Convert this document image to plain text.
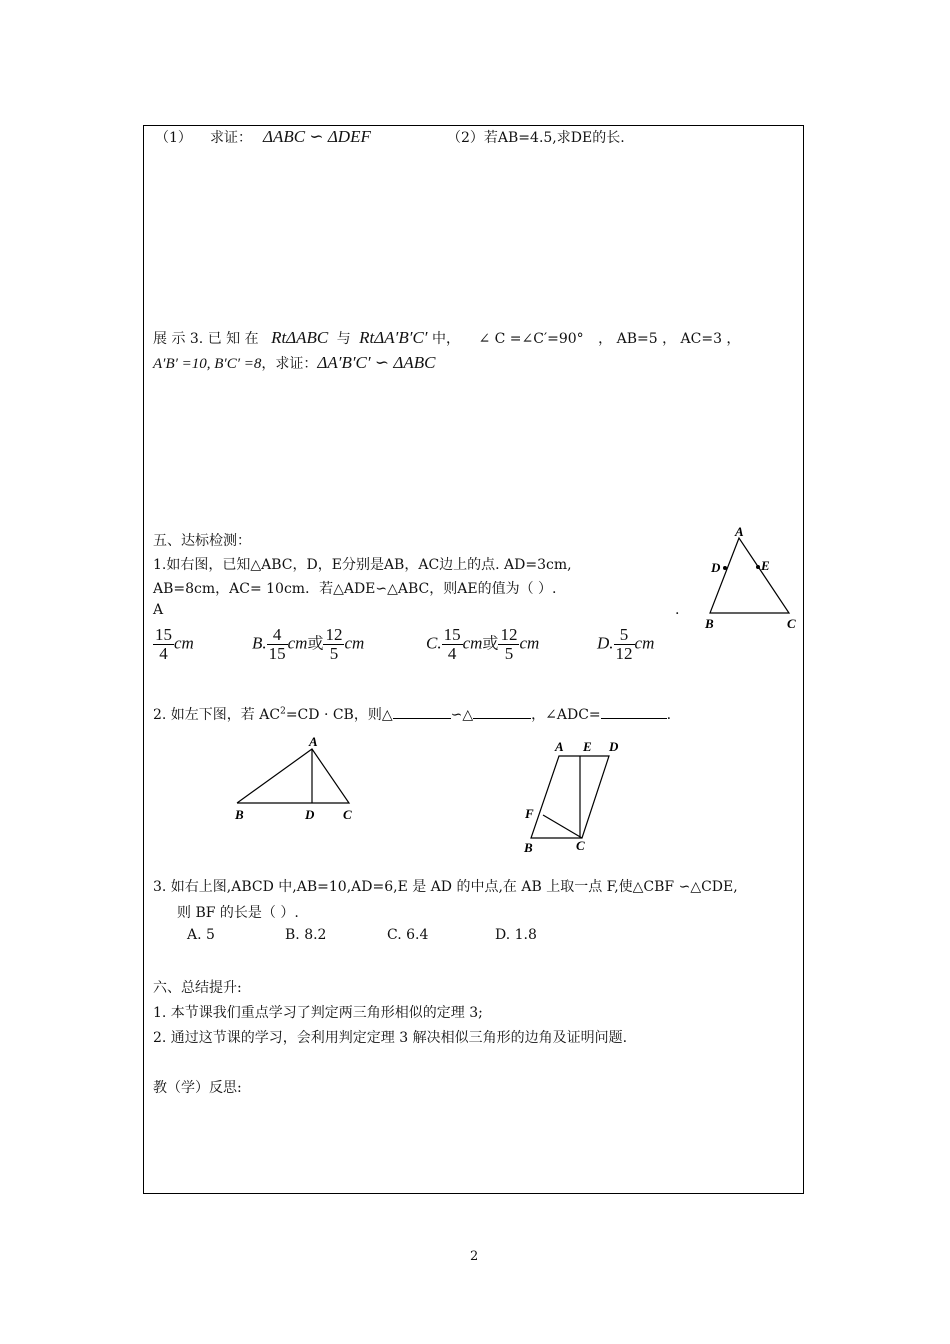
（1） 求证： ΔABC ∽ ΔDEF	（2）若AB=4.5,求DE的长.
展 示 3. 已 知 在 RtΔABC 与 RtΔA′B′C′ 中， ∠ C =∠C′=90° ， AB=5 ， AC=3 ，
A′B′ =10, B′C′ =8，求证：ΔA′B′C′ ∽ ΔABC
五、达标检测：
1.如右图，已知△ABC，D，E分别是AB，AC边上的点. AD=3cm,
AB=8cm，AC= 10cm．若△ADE∽△ABC，则AE的值为（ ）.
A	.
A
D	E
B	C
$\frac{15}{4}$ cm	B. $\frac{4}{15}$ cm或 $\frac{12}{5}$ cm	C. $\frac{15}{4}$ cm或 $\frac{12}{5}$ cm	D. $\frac{5}{12}$ cm
2. 如左下图，若 $AC^2=CD$ · CB，则△	∽△	，∠ADC=	.
A
B	D C
A E D
F
B	C
3. 如右上图,ABCD 中,AB=10,AD=6,E 是 AD 的中点,在 AB 上取一点 F,使△CBF ∽△CDE,
则 BF 的长是（ ）.
A. 5	B. 8.2	C. 6.4	D. 1.8
六、总结提升:
1. 本节课我们重点学习了判定两三角形相似的定理 3;
2. 通过这节课的学习，会利用判定定理 3 解决相似三角形的边角及证明问题.
教（学）反思:
2
